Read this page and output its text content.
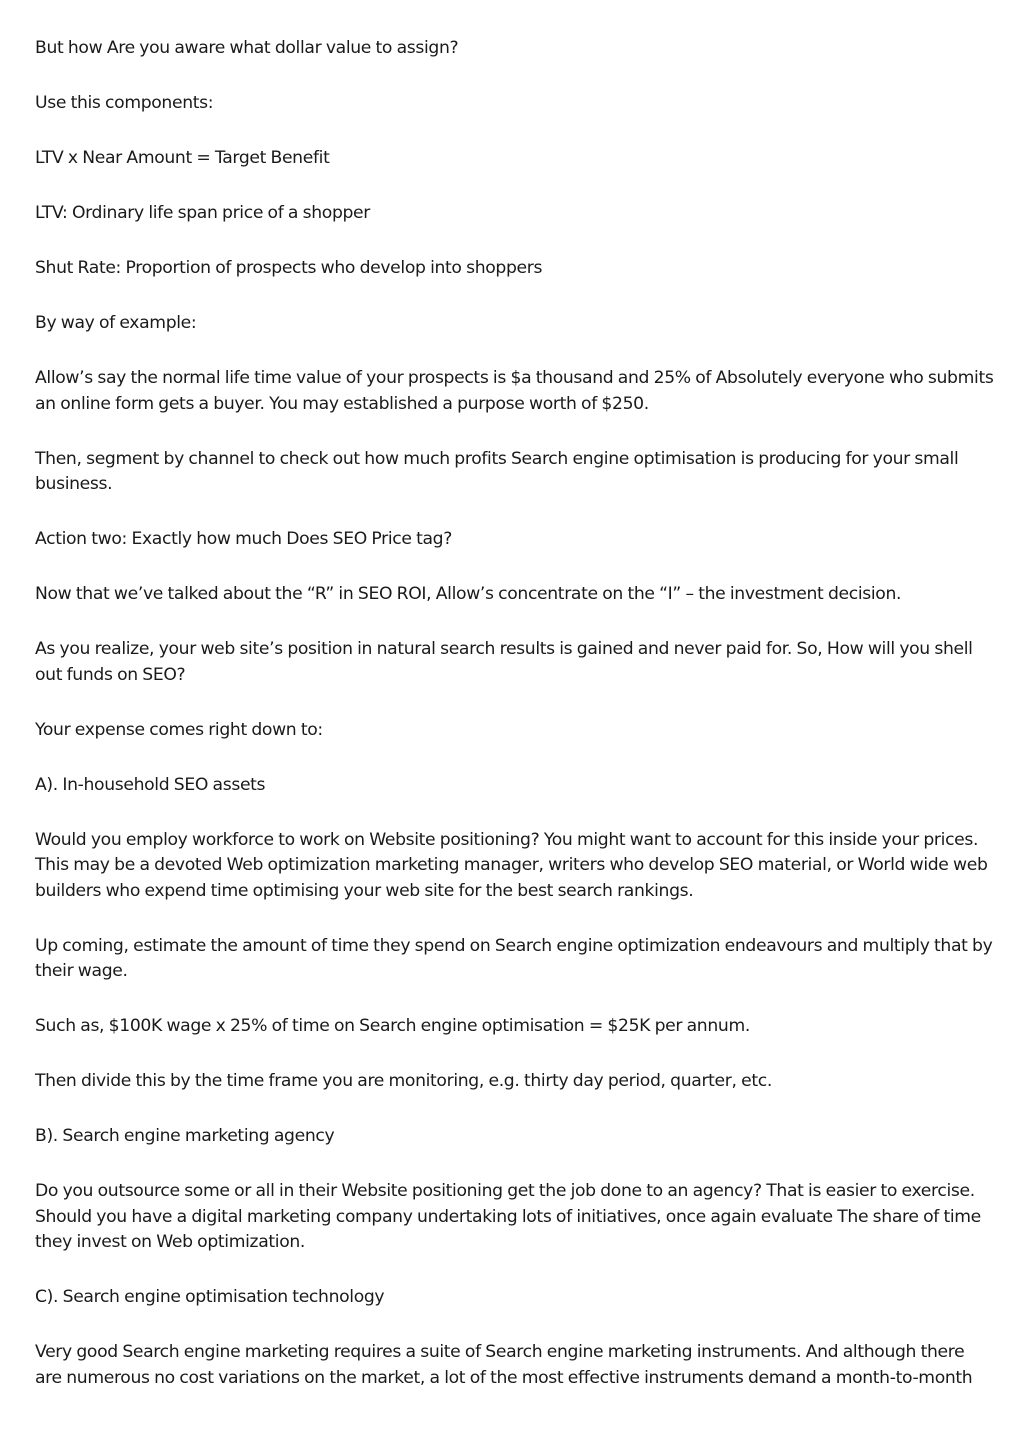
But how Are you aware what dollar value to assign?

Use this components:

LTV x Near Amount = Target Benefit

LTV: Ordinary life span price of a shopper

Shut Rate: Proportion of prospects who develop into shoppers

By way of example:

Allow’s say the normal life time value of your prospects is $a thousand and 25% of Absolutely everyone who submits an online form gets a buyer. You may established a purpose worth of $250.

Then, segment by channel to check out how much profits Search engine optimisation is producing for your small business.

Action two: Exactly how much Does SEO Price tag?

Now that we’ve talked about the “R” in SEO ROI, Allow’s concentrate on the “I” – the investment decision.

As you realize, your web site’s position in natural search results is gained and never paid for. So, How will you shell out funds on SEO?

Your expense comes right down to:

A). In-household SEO assets

Would you employ workforce to work on Website positioning? You might want to account for this inside your prices. This may be a devoted Web optimization marketing manager, writers who develop SEO material, or World wide web builders who expend time optimising your web site for the best search rankings.

Up coming, estimate the amount of time they spend on Search engine optimization endeavours and multiply that by their wage.

Such as, $100K wage x 25% of time on Search engine optimisation = $25K per annum.

Then divide this by the time frame you are monitoring, e.g. thirty day period, quarter, etc.

B). Search engine marketing agency

Do you outsource some or all in their Website positioning get the job done to an agency? That is easier to exercise. Should you have a digital marketing company undertaking lots of initiatives, once again evaluate The share of time they invest on Web optimization.

C). Search engine optimisation technology

Very good Search engine marketing requires a suite of Search engine marketing instruments. And although there are numerous no cost variations on the market, a lot of the most effective instruments demand a month-to-month
